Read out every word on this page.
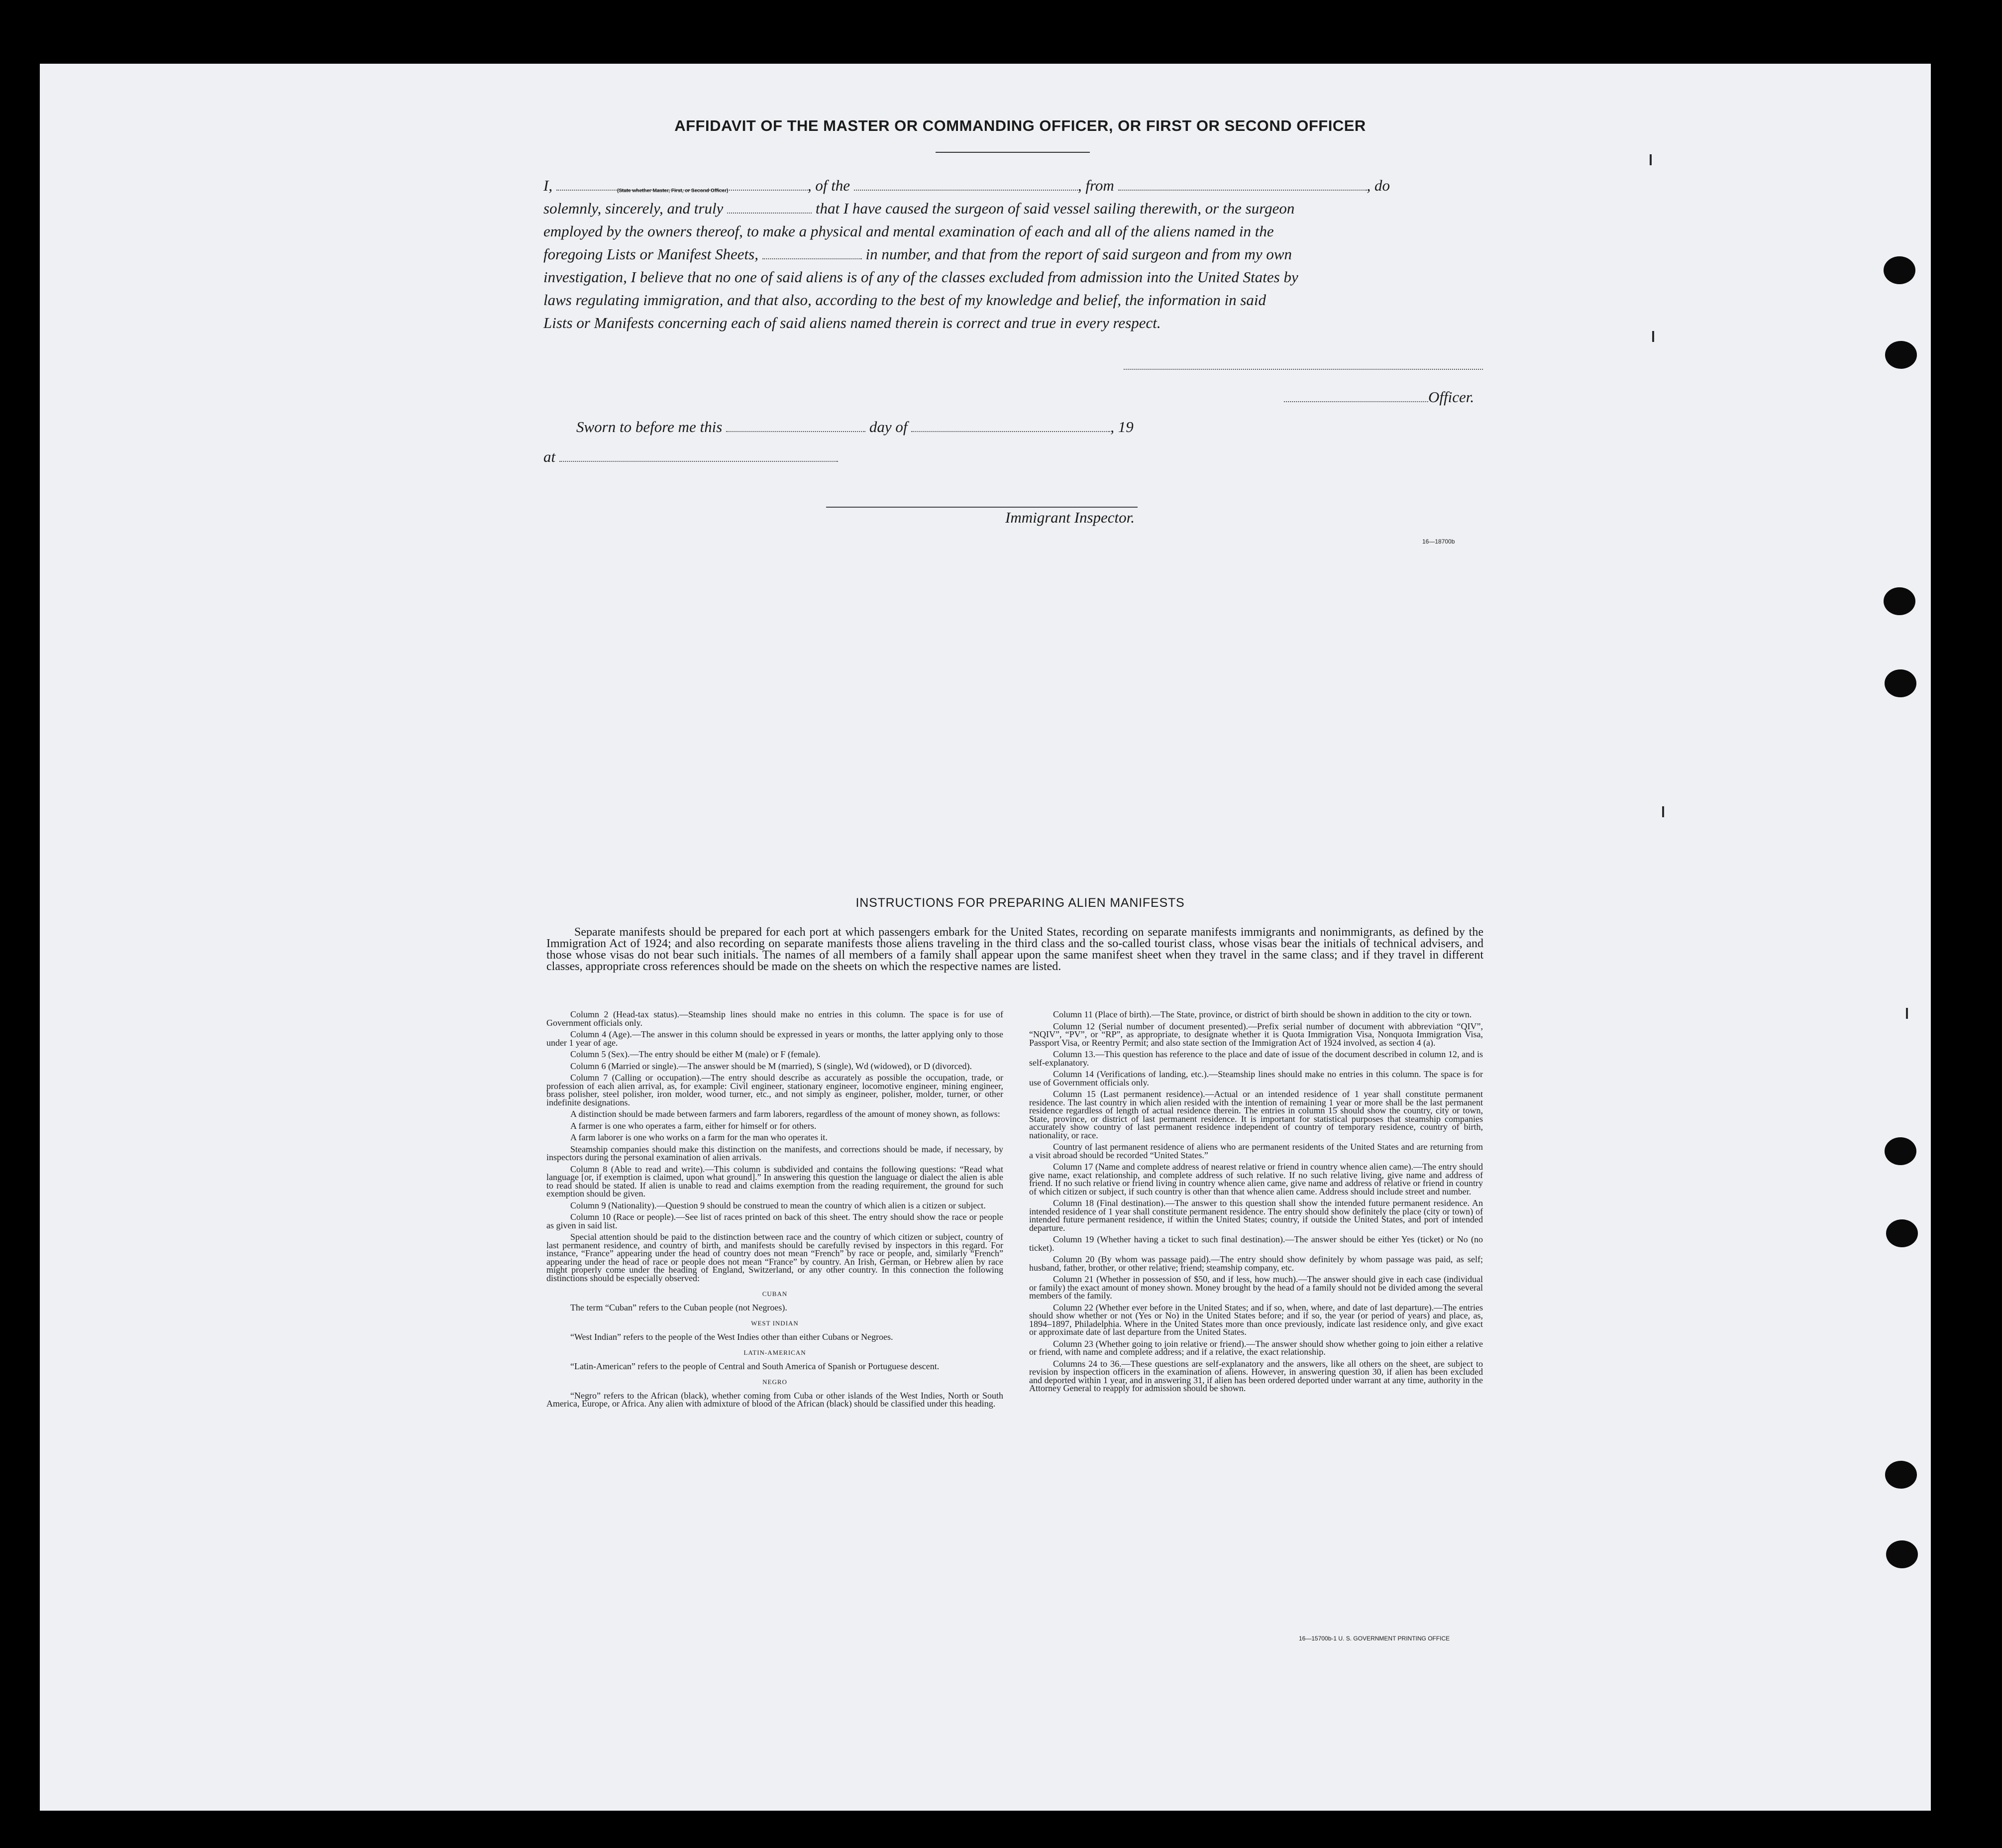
AFFIDAVIT OF THE MASTER OR COMMANDING OFFICER, OR FIRST OR SECOND OFFICER
I,	, of the	, from	, do
solemnly, sincerely, and truly	that I have caused the surgeon of said vessel sailing therewith, or the surgeon
employed by the owners thereof, to make a physical and mental examination of each and all of the aliens named in the
foregoing Lists or Manifest Sheets,	in number, and that from the report of said surgeon and from my own
investigation, I believe that no one of said aliens is of any of the classes excluded from admission into the United States by
laws regulating immigration, and that also, according to the best of my knowledge and belief, the information in said
Lists or Manifests concerning each of said aliens named therein is correct and true in every respect.
(State whether Master, First, or Second Officer)
Officer.
Sworn to before me this	day of	, 19
at
Immigrant Inspector.
16—18700b
INSTRUCTIONS FOR PREPARING ALIEN MANIFESTS
Separate manifests should be prepared for each port at which passengers embark for the United States, recording on separate manifests immigrants and nonimmigrants, as defined by the Immigration Act of 1924; and also recording on separate manifests those aliens traveling in the third class and the so-called tourist class, whose visas bear the initials of technical advisers, and those whose visas do not bear such initials. The names of all members of a family shall appear upon the same manifest sheet when they travel in the same class; and if they travel in different classes, appropriate cross references should be made on the sheets on which the respective names are listed.

Column 2 (Head-tax status).—Steamship lines should make no entries in this column. The space is for use of Government officials only.

Column 4 (Age).—The answer in this column should be expressed in years or months, the latter applying only to those under 1 year of age.

Column 5 (Sex).—The entry should be either M (male) or F (female).

Column 6 (Married or single).—The answer should be M (married), S (single), Wd (widowed), or D (divorced).

Column 7 (Calling or occupation).—The entry should describe as accurately as possible the occupation, trade, or profession of each alien arrival, as, for example: Civil engineer, stationary engineer, locomotive engineer, mining engineer, brass polisher, steel polisher, iron molder, wood turner, etc., and not simply as engineer, polisher, molder, turner, or other indefinite designations.

A distinction should be made between farmers and farm laborers, regardless of the amount of money shown, as follows:

A farmer is one who operates a farm, either for himself or for others.

A farm laborer is one who works on a farm for the man who operates it.

Steamship companies should make this distinction on the manifests, and corrections should be made, if necessary, by inspectors during the personal examination of alien arrivals.

Column 8 (Able to read and write).—This column is subdivided and contains the following questions: “Read what language [or, if exemption is claimed, upon what ground].” In answering this question the language or dialect the alien is able to read should be stated. If alien is unable to read and claims exemption from the reading requirement, the ground for such exemption should be given.

Column 9 (Nationality).—Question 9 should be construed to mean the country of which alien is a citizen or subject.

Column 10 (Race or people).—See list of races printed on back of this sheet. The entry should show the race or people as given in said list.

Special attention should be paid to the distinction between race and the country of which citizen or subject, country of last permanent residence, and country of birth, and manifests should be carefully revised by inspectors in this regard. For instance, “France” appearing under the head of country does not mean “French” by race or people, and, similarly “French” appearing under the head of race or people does not mean “France” by country. An Irish, German, or Hebrew alien by race might properly come under the heading of England, Switzerland, or any other country. In this connection the following distinctions should be especially observed:

CUBAN

The term “Cuban” refers to the Cuban people (not Negroes).

WEST INDIAN

“West Indian” refers to the people of the West Indies other than either Cubans or Negroes.

LATIN-AMERICAN

“Latin-American” refers to the people of Central and South America of Spanish or Portuguese descent.

NEGRO

“Negro” refers to the African (black), whether coming from Cuba or other islands of the West Indies, North or South America, Europe, or Africa. Any alien with admixture of blood of the African (black) should be classified under this heading.

Column 11 (Place of birth).—The State, province, or district of birth should be shown in addition to the city or town.

Column 12 (Serial number of document presented).—Prefix serial number of document with abbreviation “QIV”, “NQIV”, “PV”, or “RP”, as appropriate, to designate whether it is Quota Immigration Visa, Nonquota Immigration Visa, Passport Visa, or Reentry Permit; and also state section of the Immigration Act of 1924 involved, as section 4 (a).

Column 13.—This question has reference to the place and date of issue of the document described in column 12, and is self-explanatory.

Column 14 (Verifications of landing, etc.).—Steamship lines should make no entries in this column. The space is for use of Government officials only.

Column 15 (Last permanent residence).—Actual or an intended residence of 1 year shall constitute permanent residence. The last country in which alien resided with the intention of remaining 1 year or more shall be the last permanent residence regardless of length of actual residence therein. The entries in column 15 should show the country, city or town, State, province, or district of last permanent residence. It is important for statistical purposes that steamship companies accurately show country of last permanent residence independent of country of temporary residence, country of birth, nationality, or race.

Country of last permanent residence of aliens who are permanent residents of the United States and are returning from a visit abroad should be recorded “United States.”

Column 17 (Name and complete address of nearest relative or friend in country whence alien came).—The entry should give name, exact relationship, and complete address of such relative. If no such relative living, give name and address of friend. If no such relative or friend living in country whence alien came, give name and address of relative or friend in country of which citizen or subject, if such country is other than that whence alien came. Address should include street and number.

Column 18 (Final destination).—The answer to this question shall show the intended future permanent residence. An intended residence of 1 year shall constitute permanent residence. The entry should show definitely the place (city or town) of intended future permanent residence, if within the United States; country, if outside the United States, and port of intended departure.

Column 19 (Whether having a ticket to such final destination).—The answer should be either Yes (ticket) or No (no ticket).

Column 20 (By whom was passage paid).—The entry should show definitely by whom passage was paid, as self; husband, father, brother, or other relative; friend; steamship company, etc.

Column 21 (Whether in possession of $50, and if less, how much).—The answer should give in each case (individual or family) the exact amount of money shown. Money brought by the head of a family should not be divided among the several members of the family.

Column 22 (Whether ever before in the United States; and if so, when, where, and date of last departure).—The entries should show whether or not (Yes or No) in the United States before; and if so, the year (or period of years) and place, as, 1894–1897, Philadelphia. Where in the United States more than once previously, indicate last residence only, and give exact or approximate date of last departure from the United States.

Column 23 (Whether going to join relative or friend).—The answer should show whether going to join either a relative or friend, with name and complete address; and if a relative, the exact relationship.

Columns 24 to 36.—These questions are self-explanatory and the answers, like all others on the sheet, are subject to revision by inspection officers in the examination of aliens. However, in answering question 30, if alien has been excluded and deported within 1 year, and in answering 31, if alien has been ordered deported under warrant at any time, authority in the Attorney General to reapply for admission should be shown.

16—15700b-1 U. S. GOVERNMENT PRINTING OFFICE
